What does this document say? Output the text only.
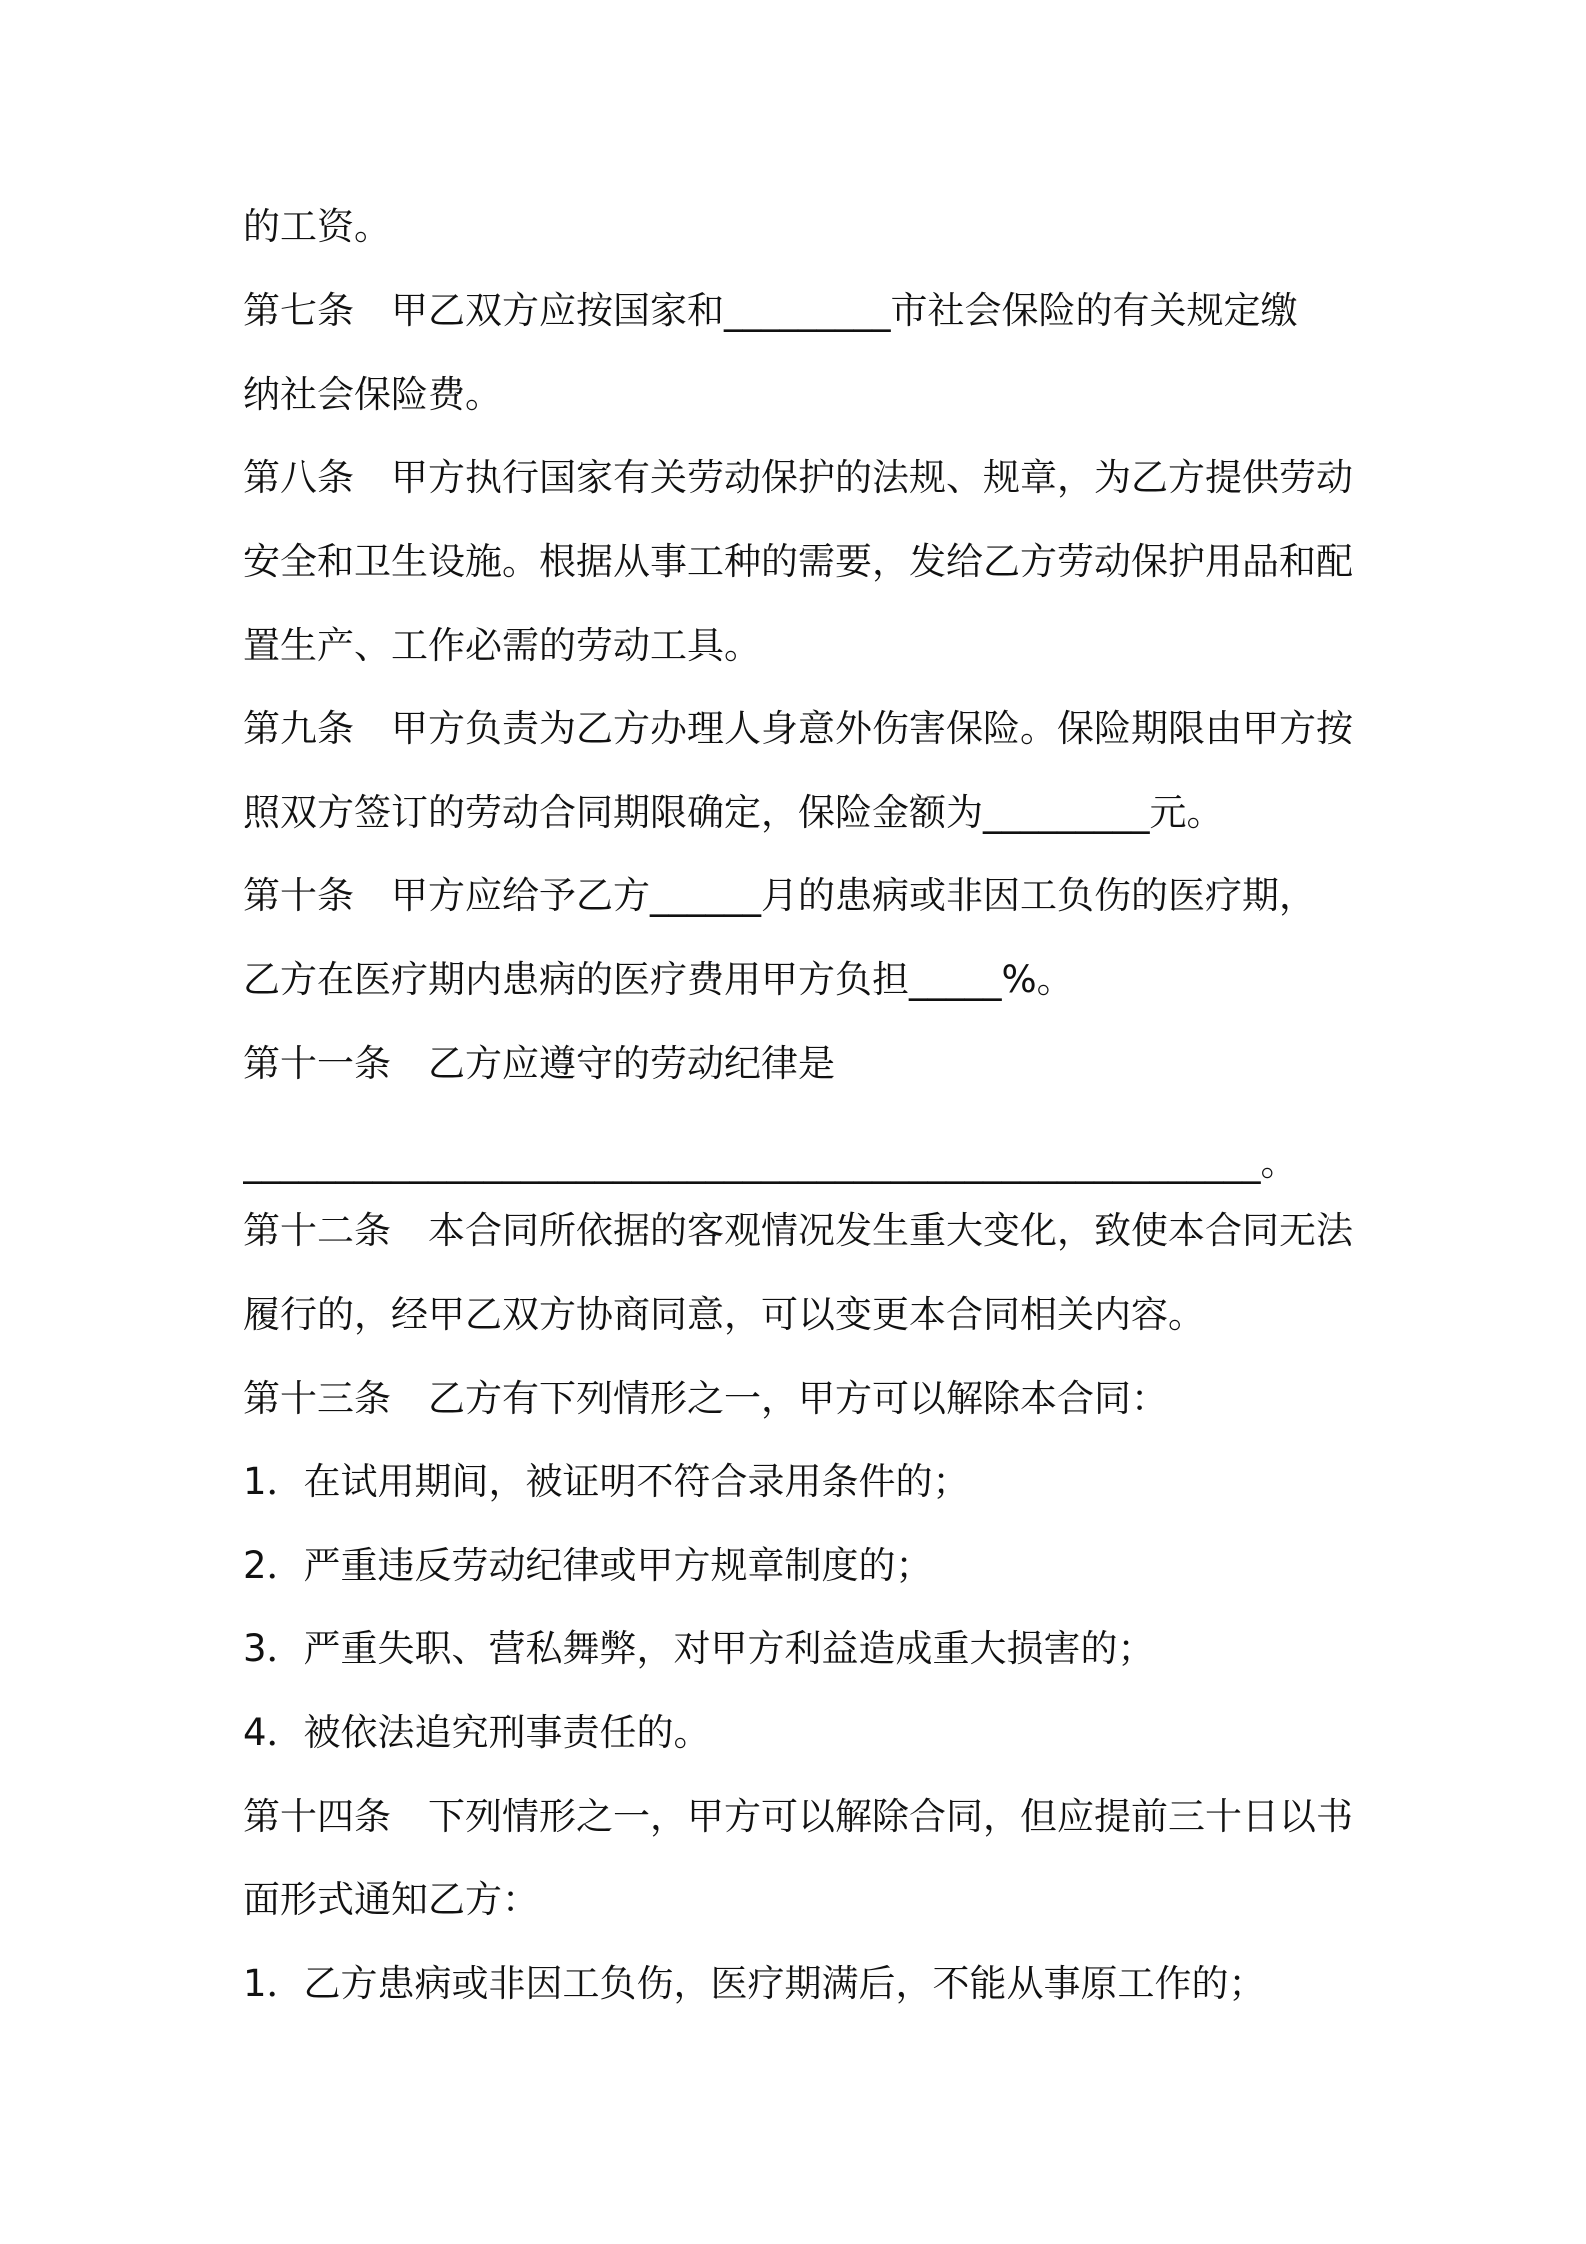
的工资。
第七条　甲乙双方应按国家和_________市社会保险的有关规定缴
纳社会保险费。
第八条　甲方执行国家有关劳动保护的法规、规章，为乙方提供劳动
安全和卫生设施。根据从事工种的需要，发给乙方劳动保护用品和配
置生产、工作必需的劳动工具。
第九条　甲方负责为乙方办理人身意外伤害保险。保险期限由甲方按
照双方签订的劳动合同期限确定，保险金额为_________元。
第十条　甲方应给予乙方______月的患病或非因工负伤的医疗期，
乙方在医疗期内患病的医疗费用甲方负担_____%。
第十一条　乙方应遵守的劳动纪律是
_______________________________________________________。
第十二条　本合同所依据的客观情况发生重大变化，致使本合同无法
履行的，经甲乙双方协商同意，可以变更本合同相关内容。
第十三条　乙方有下列情形之一，甲方可以解除本合同：
1．在试用期间，被证明不符合录用条件的；
2．严重违反劳动纪律或甲方规章制度的；
3．严重失职、营私舞弊，对甲方利益造成重大损害的；
4．被依法追究刑事责任的。
第十四条　下列情形之一，甲方可以解除合同，但应提前三十日以书
面形式通知乙方：
1．乙方患病或非因工负伤，医疗期满后，不能从事原工作的；
